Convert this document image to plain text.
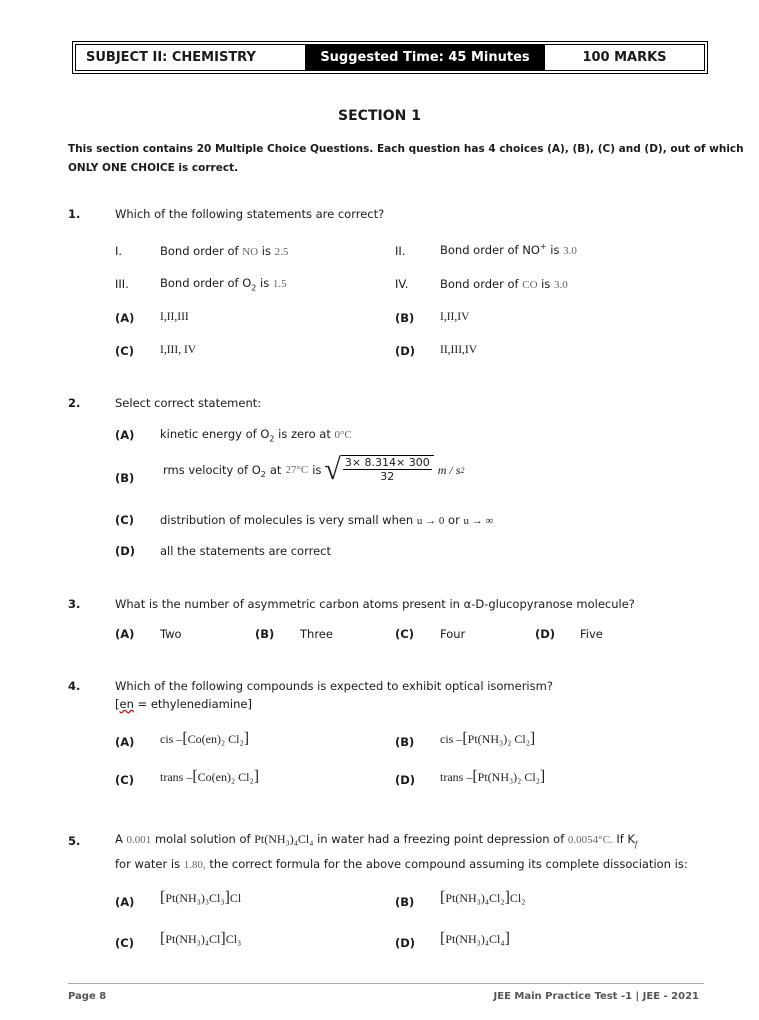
SUBJECT II: CHEMISTRY	Suggested Time: 45 Minutes	100 MARKS
SECTION 1
This section contains 20 Multiple Choice Questions. Each question has 4 choices (A), (B), (C) and (D), out of which
ONLY ONE CHOICE is correct.
1.	Which of the following statements are correct?
I.	Bond order of NO is 2.5	II.	Bond order of NO+ is 3.0
III.	Bond order of $O_2$ is 1.5	IV.	Bond order of CO is 3.0
(A) I,II,III	(B) I,II,IV
(C) I,III, IV	(D) II,III,IV
2.	Select correct statement:
(A) kinetic energy of $O_2$ is zero at 0°C
(B)
rms velocity of $O_2$ at 27°C is √ $\frac{3\times 8.314\times 300}{32}$ m / s 2
(C) distribution of molecules is very small when u → 0 or u → ∞
(D) all the statements are correct
3.	What is the number of asymmetric carbon atoms present in α-D-glucopyranose molecule?
(A) Two	(B) Three	(C) Four	(D) Five
4.	Which of the following compounds is expected to exhibit optical isomerism?
[en = ethylenediamine]
(A) cis –[Co(en)₂ Cl₂]	(B) cis –[Pt(NH₃)₂ Cl₂]
(C) trans –[Co(en)₂ Cl₂]	(D) trans –[Pt(NH₃)₂ Cl₂]
5.	A 0.001 molal solution of Pt(NH₃)₄Cl₄ in water had a freezing point depression of 0.0054°C. If $K_f$
for water is 1.80, the correct formula for the above compound assuming its complete dissociation is:
(A) [Pt(NH₃)₃Cl₃]Cl	(B) [Pt(NH₃)₄Cl₂]Cl₂
(C) [Pt(NH₃)₄Cl]Cl₃	(D) [Pt(NH₃)₄Cl₄]
Page 8	JEE Main Practice Test -1 | JEE - 2021
